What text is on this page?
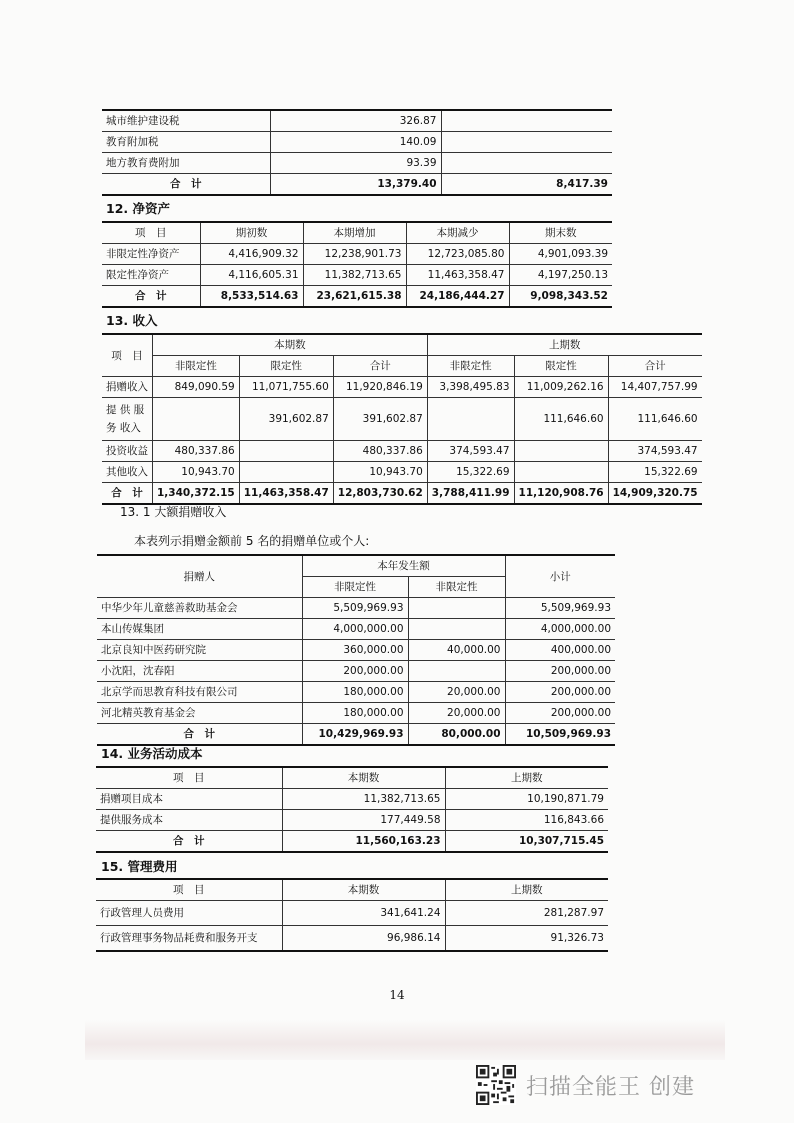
城市维护建设税	326.87	
教育附加税	140.09	
地方教育费附加	93.39	
合　计	13,379.40	8,417.39
12. 净资产
项　目	期初数	本期增加	本期减少	期末数
非限定性净资产	4,416,909.32	12,238,901.73	12,723,085.80	4,901,093.39
限定性净资产	4,116,605.31	11,382,713.65	11,463,358.47	4,197,250.13
合　计	8,533,514.63	23,621,615.38	24,186,444.27	9,098,343.52
13. 收入
项　目	本期数			上期数		
	非限定性	限定性	合计	非限定性	限定性	合计
捐赠收入	849,090.59	11,071,755.60	11,920,846.19	3,398,495.83	11,009,262.16	14,407,757.99
提 供 服 务 收入		391,602.87	391,602.87		111,646.60	111,646.60
投资收益	480,337.86		480,337.86	374,593.47		374,593.47
其他收入	10,943.70		10,943.70	15,322.69		15,322.69
合　计	1,340,372.15	11,463,358.47	12,803,730.62	3,788,411.99	11,120,908.76	14,909,320.75
13. 1 大额捐赠收入
本表列示捐赠金额前 5 名的捐赠单位或个人:
捐赠人	本年发生额		小计
	非限定性	非限定性	
中华少年儿童慈善救助基金会	5,509,969.93		5,509,969.93
本山传媒集团	4,000,000.00		4,000,000.00
北京良知中医药研究院	360,000.00	40,000.00	400,000.00
小沈阳，沈春阳	200,000.00		200,000.00
北京学而思教育科技有限公司	180,000.00	20,000.00	200,000.00
河北精英教育基金会	180,000.00	20,000.00	200,000.00
合　计	10,429,969.93	80,000.00	10,509,969.93
14. 业务活动成本
项　目	本期数	上期数
捐赠项目成本	11,382,713.65	10,190,871.79
提供服务成本	177,449.58	116,843.66
合　计	11,560,163.23	10,307,715.45
15. 管理费用
项　目	本期数	上期数
行政管理人员费用	341,641.24	281,287.97
行政管理事务物品耗费和服务开支	96,986.14	91,326.73
14
扫描全能王 创建
